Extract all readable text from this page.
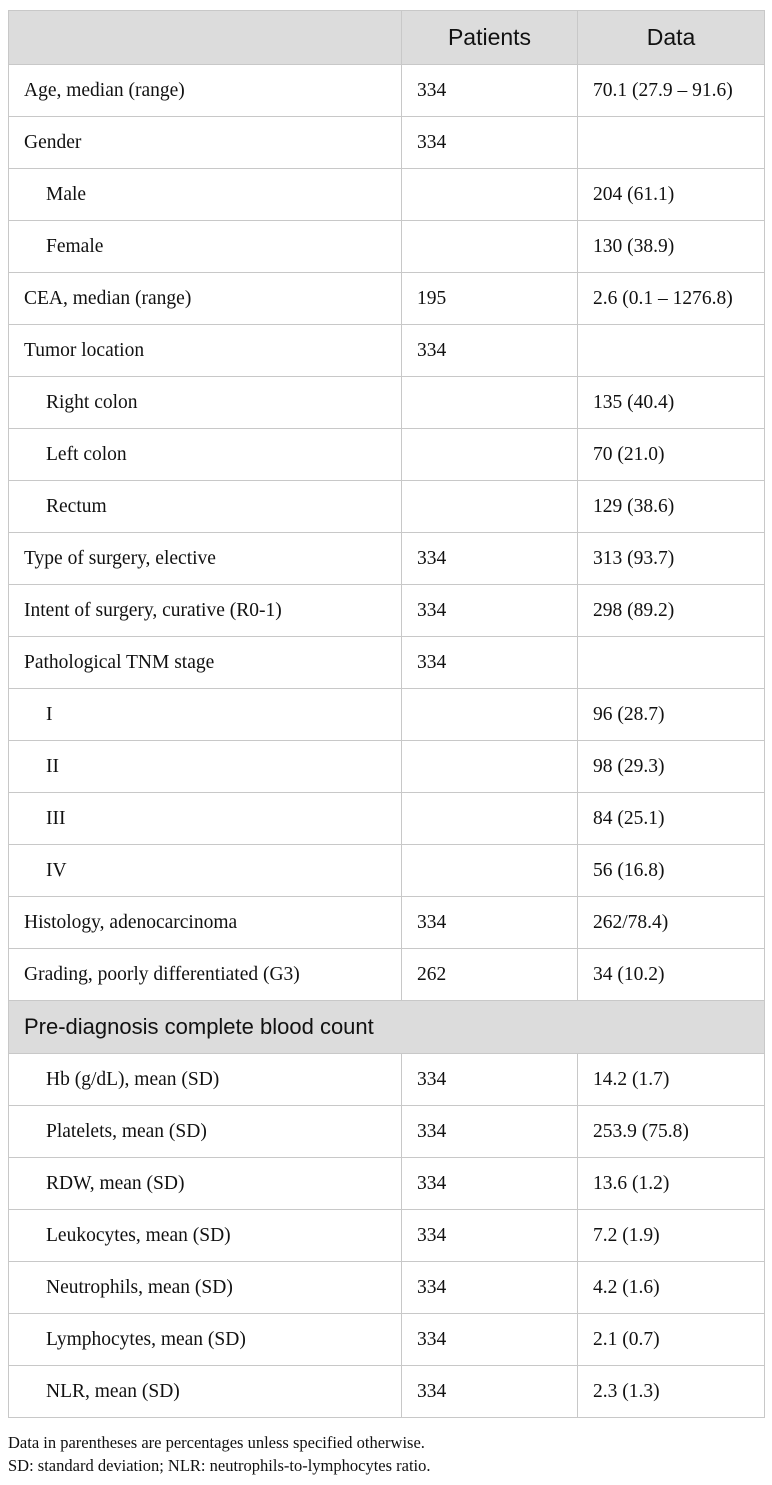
	Patients	Data
Age, median (range)	334	70.1 (27.9 – 91.6)
Gender	334	
Male		204 (61.1)
Female		130 (38.9)
CEA, median (range)	195	2.6 (0.1 – 1276.8)
Tumor location	334	
Right colon		135 (40.4)
Left colon		70 (21.0)
Rectum		129 (38.6)
Type of surgery, elective	334	313 (93.7)
Intent of surgery, curative (R0-1)	334	298 (89.2)
Pathological TNM stage	334	
I		96 (28.7)
II		98 (29.3)
III		84 (25.1)
IV		56 (16.8)
Histology, adenocarcinoma	334	262/78.4)
Grading, poorly differentiated (G3)	262	34 (10.2)
Pre-diagnosis complete blood count		
Hb (g/dL), mean (SD)	334	14.2 (1.7)
Platelets, mean (SD)	334	253.9 (75.8)
RDW, mean (SD)	334	13.6 (1.2)
Leukocytes, mean (SD)	334	7.2 (1.9)
Neutrophils, mean (SD)	334	4.2 (1.6)
Lymphocytes, mean (SD)	334	2.1 (0.7)
NLR, mean (SD)	334	2.3 (1.3)

Data in parentheses are percentages unless specified otherwise.

SD: standard deviation; NLR: neutrophils-to-lymphocytes ratio.
